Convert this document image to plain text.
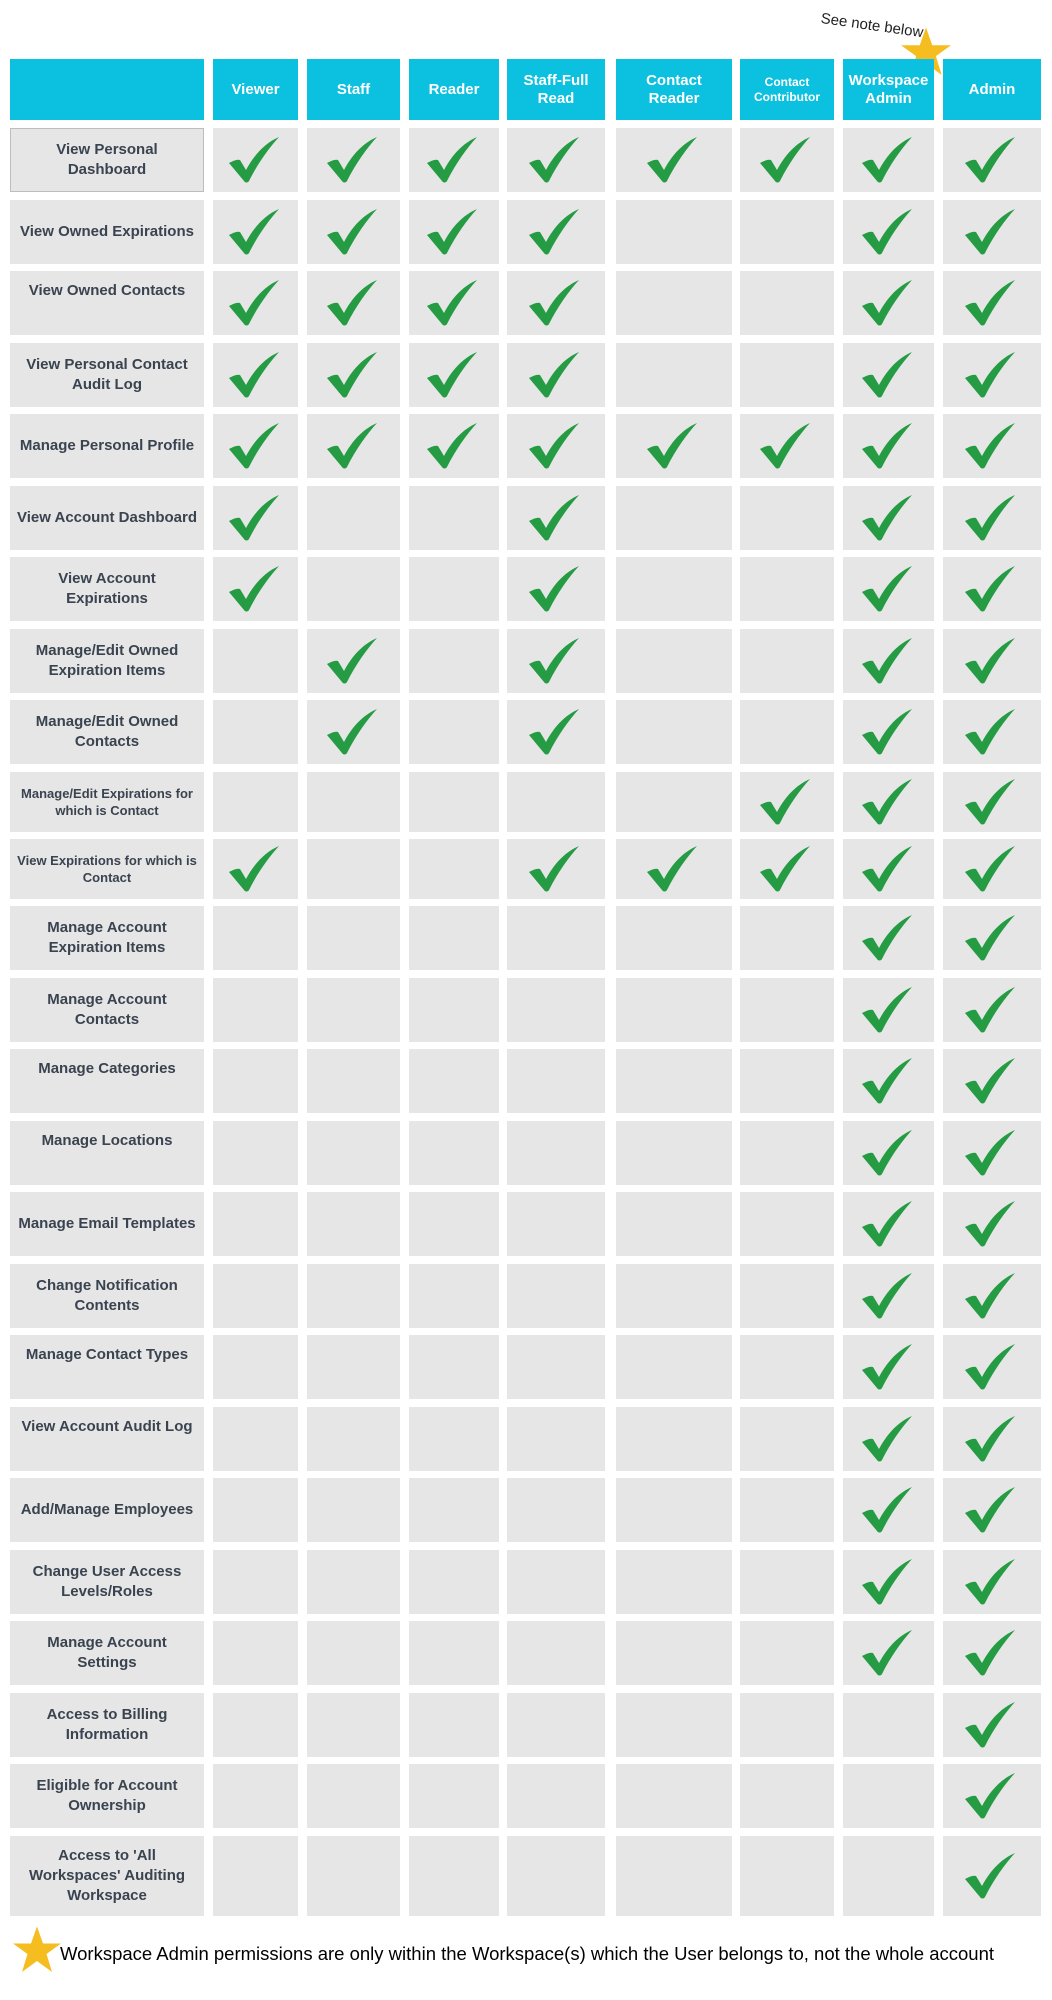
See note below
Viewer	Staff	Reader
Staff-Full Read
Contact Reader
Contact Contributor
Workspace Admin
Admin
View Personal Dashboard
View Owned Expirations
View Owned Contacts
View Personal Contact Audit Log
Manage Personal Profile
View Account Dashboard
View Account Expirations
Manage/Edit Owned Expiration Items
Manage/Edit Owned Contacts
Manage/Edit Expirations for which is Contact
View Expirations for which is Contact
Manage Account Expiration Items
Manage Account Contacts
Manage Categories
Manage Locations
Manage Email Templates
Change Notification Contents
Manage Contact Types
View Account Audit Log
Add/Manage Employees
Change User Access Levels/Roles
Manage Account Settings
Access to Billing Information
Eligible for Account Ownership
Access to 'All Workspaces' Auditing Workspace
Workspace Admin permissions are only within the Workspace(s) which the User belongs to, not the whole account
